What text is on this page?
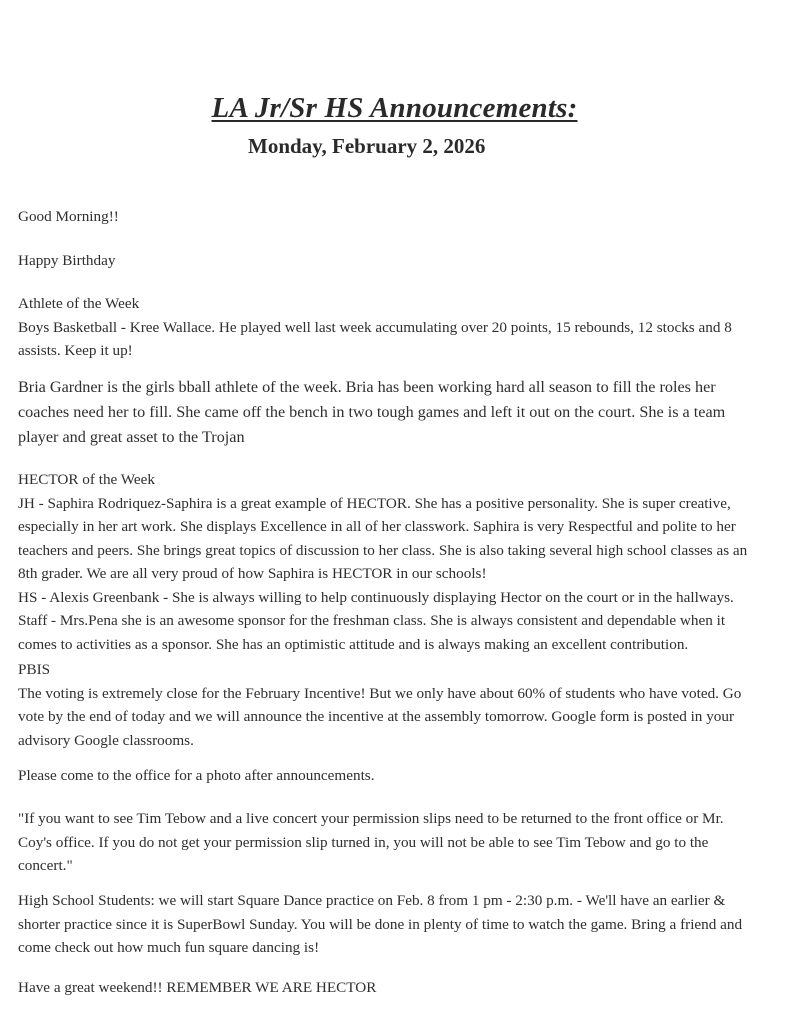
LA Jr/Sr HS Announcements:
Monday, February 2, 2026

Good Morning!!

Happy Birthday

Athlete of the Week
Boys Basketball - Kree Wallace. He played well last week accumulating over 20 points, 15 rebounds, 12 stocks and 8
assists. Keep it up!
Bria Gardner is the girls bball athlete of the week. Bria has been working hard all season to fill the roles her
coaches need her to fill. She came off the bench in two tough games and left it out on the court. She is a team
player and great asset to the Trojan
HECTOR of the Week
JH - Saphira Rodriquez-Saphira is a great example of HECTOR. She has a positive personality. She is super creative,
especially in her art work. She displays Excellence in all of her classwork. Saphira is very Respectful and polite to her
teachers and peers. She brings great topics of discussion to her class. She is also taking several high school classes as an
8th grader. We are all very proud of how Saphira is HECTOR in our schools!
HS - Alexis Greenbank - She is always willing to help continuously displaying Hector on the court or in the hallways.
Staff - Mrs.Pena she is an awesome sponsor for the freshman class. She is always consistent and dependable when it
comes to activities as a sponsor. She has an optimistic attitude and is always making an excellent contribution.
PBIS
The voting is extremely close for the February Incentive! But we only have about 60% of students who have voted. Go
vote by the end of today and we will announce the incentive at the assembly tomorrow. Google form is posted in your
advisory Google classrooms.

Please come to the office for a photo after announcements.

"If you want to see Tim Tebow and a live concert your permission slips need to be returned to the front office or Mr.
Coy's office. If you do not get your permission slip turned in, you will not be able to see Tim Tebow and go to the
concert."
High School Students: we will start Square Dance practice on Feb. 8 from 1 pm - 2:30 p.m. - We'll have an earlier &
shorter practice since it is SuperBowl Sunday. You will be done in plenty of time to watch the game. Bring a friend and
come check out how much fun square dancing is!

Have a great weekend!! REMEMBER WE ARE HECTOR
